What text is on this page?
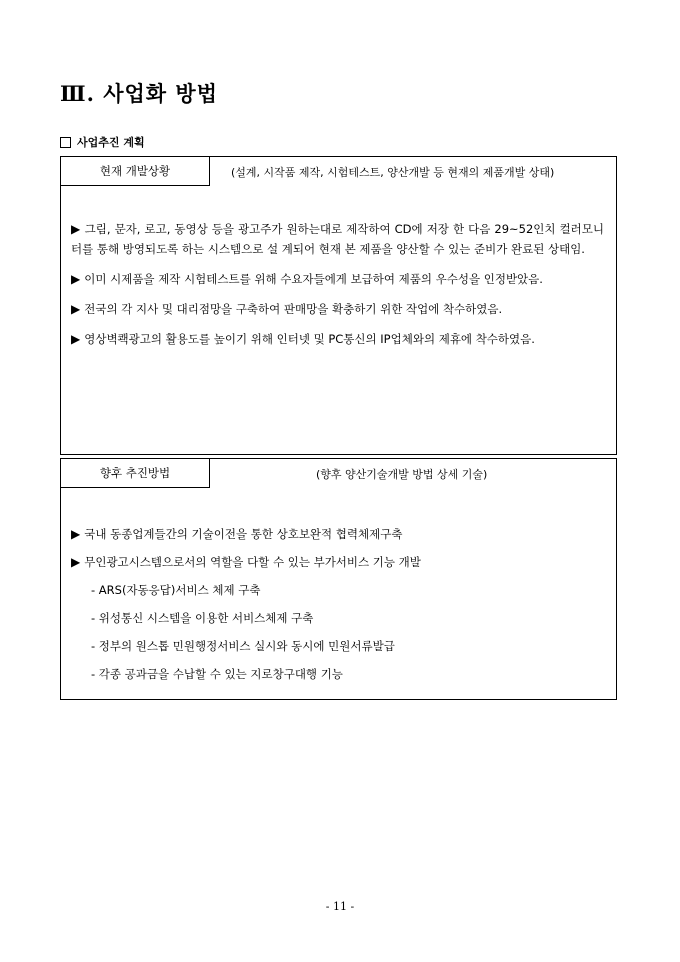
Ⅲ. 사업화 방법
사업추진 계획
현재 개발상황	(설계, 시작품 제작, 시험테스트, 양산개발 등 현재의 제품개발 상태)

▶ 그림, 문자, 로고, 동영상 등을 광고주가 원하는대로 제작하여 CD에 저장 한 다음 29~52인치 컬러모니터를 통해 방영되도록 하는 시스템으로 설 계되어 현재 본 제품을 양산할 수 있는 준비가 완료된 상태임.

▶ 이미 시제품을 제작 시험테스트를 위해 수요자들에게 보급하여 제품의 우수성을 인정받았음.

▶ 전국의 각 지사 및 대리점망을 구축하여 판매망을 확충하기 위한 작업에 착수하였음.

▶ 영상벽쾍광고의 활용도를 높이기 위해 인터넷 및 PC통신의 IP업체와의 제휴에 착수하였음.

향후 추진방법	(향후 양산기술개발 방법 상세 기술)
▶ 국내 동종업계들간의 기술이전을 통한 상호보완적 협력체제구축
▶ 무인광고시스템으로서의 역할을 다할 수 있는 부가서비스 기능 개발
- ARS(자동응답)서비스 체제 구축
- 위성통신 시스템을 이용한 서비스체제 구축
- 정부의 원스톱 민원행정서비스 실시와 동시에 민원서류발급
- 각종 공과금을 수납할 수 있는 지로창구대행 기능
- 11 -
